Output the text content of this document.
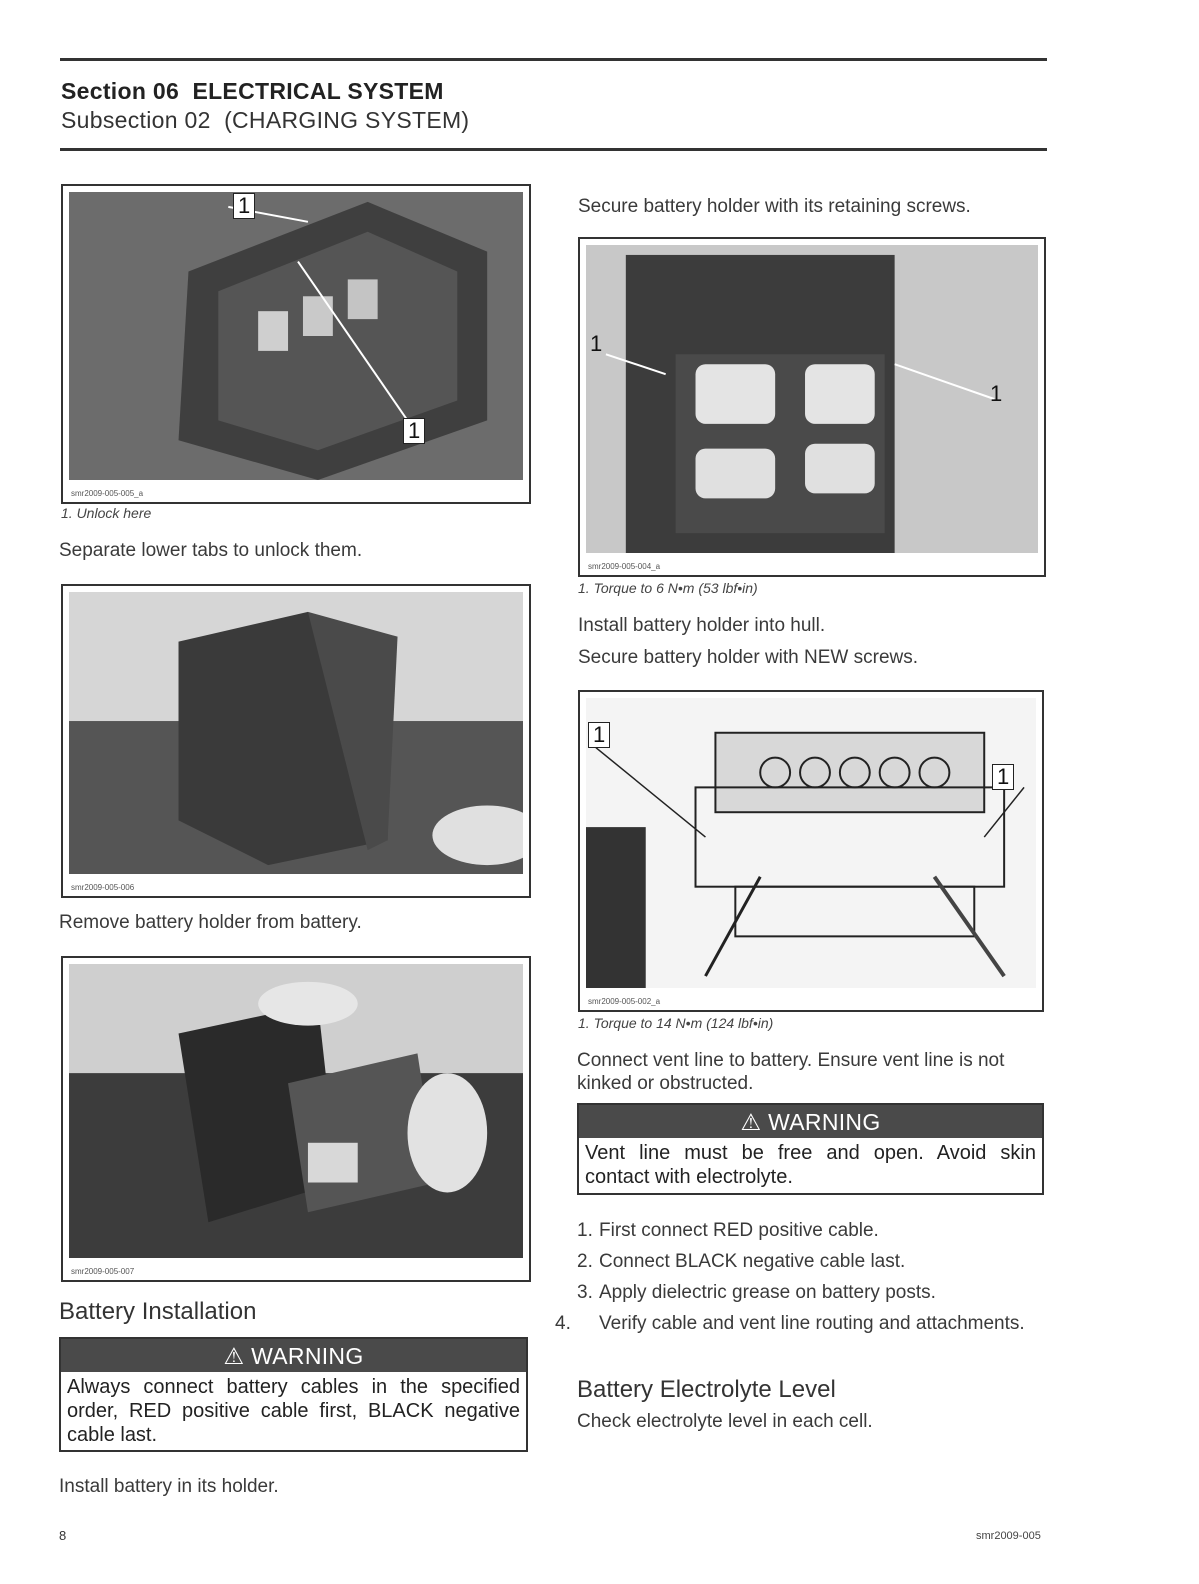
Section 06 ELECTRICAL SYSTEM
Subsection 02 (CHARGING SYSTEM)
1
1
smr2009-005-005_a
1. Unlock here
Separate lower tabs to unlock them.
smr2009-005-006
Remove battery holder from battery.
smr2009-005-007
Battery Installation
⚠ WARNING
Always connect battery cables in the specified order, RED positive cable first, BLACK negative cable last.
Install battery in its holder.
Secure battery holder with its retaining screws.
1
1
smr2009-005-004_a
1. Torque to 6 N•m (53 lbf•in)
Install battery holder into hull.
Secure battery holder with NEW screws.
1
1
smr2009-005-002_a
1. Torque to 14 N•m (124 lbf•in)
Connect vent line to battery. Ensure vent line is not kinked or obstructed.
⚠ WARNING
Vent line must be free and open. Avoid skin contact with electrolyte.
1. First connect RED positive cable.
2. Connect BLACK negative cable last.
3. Apply dielectric grease on battery posts.
4. Verify cable and vent line routing and attachments.
Battery Electrolyte Level
Check electrolyte level in each cell.
8	smr2009-005
